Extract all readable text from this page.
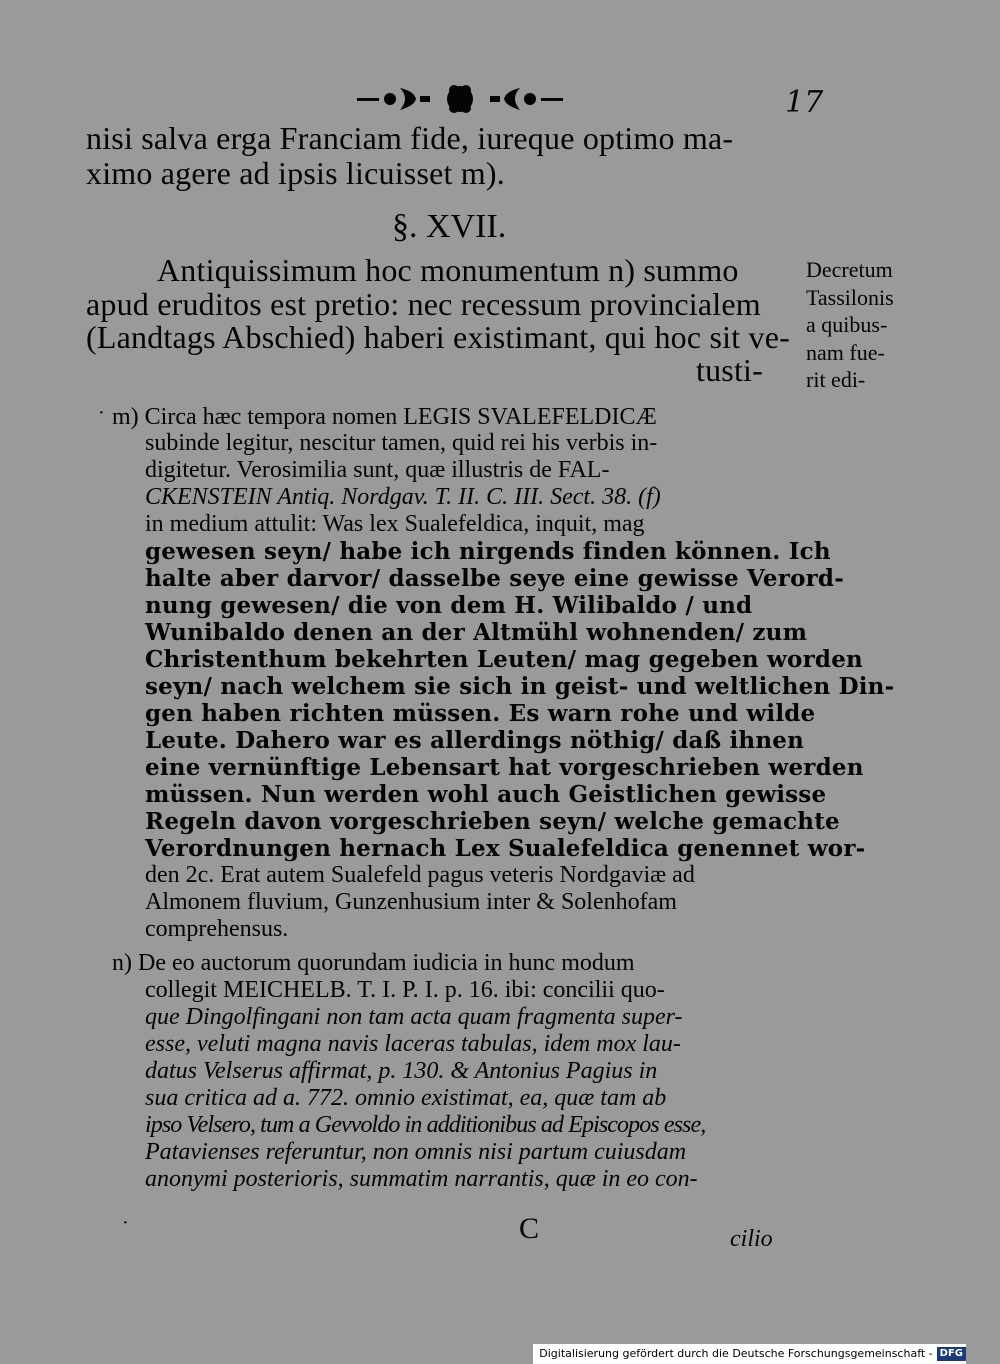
17
nisi salva erga Franciam fide, iureque optimo ma-
ximo agere ad ipsis licuisset m).
§. XVII.
Antiquissimum hoc monumentum n) summo
apud eruditos est pretio: nec recessum provincialem
(Landtags Abschied) haberi existimant, qui hoc sit ve-
tusti-
Decretum
Tassilonis
a quibus-
nam fue-
rit edi-
· m) Circa hæc tempora nomen LEGIS SVALEFELDICÆ
subinde legitur, nescitur tamen, quid rei his verbis in-
digitetur. Verosimilia sunt, quæ illustris de FAL-
CKENSTEIN Antiq. Nordgav. T. II. C. III. Sect. 38. (f)
in medium attulit: Was lex Sualefeldica, inquit, mag
gewesen seyn/ habe ich nirgends finden können. Ich
halte aber darvor/ dasselbe seye eine gewisse Verord-
nung gewesen/ die von dem H. Wilibaldo / und
Wunibaldo denen an der Altmühl wohnenden/ zum
Christenthum bekehrten Leuten/ mag gegeben worden
seyn/ nach welchem sie sich in geist- und weltlichen Din-
gen haben richten müssen. Es warn rohe und wilde
Leute. Dahero war es allerdings nöthig/ daß ihnen
eine vernünftige Lebensart hat vorgeschrieben werden
müssen. Nun werden wohl auch Geistlichen gewisse
Regeln davon vorgeschrieben seyn/ welche gemachte
Verordnungen hernach Lex Sualefeldica genennet wor-
den 2c. Erat autem Sualefeld pagus veteris Nordgaviæ ad
Almonem fluvium, Gunzenhusium inter & Solenhofam
comprehensus.
n) De eo auctorum quorundam iudicia in hunc modum
collegit MEICHELB. T. I. P. I. p. 16. ibi: concilii quo-
que Dingolfingani non tam acta quam fragmenta super-
esse, veluti magna navis laceras tabulas, idem mox lau-
datus Velserus affirmat, p. 130. & Antonius Pagius in
sua critica ad a. 772. omnio existimat, ea, quæ tam ab
ipso Velsero, tum a Gevvoldo in additionibus ad Episcopos esse,
Patavienses referuntur, non omnis nisi partum cuiusdam
anonymi posterioris, summatim narrantis, quæ in eo con-
·	C	cilio
Digitalisierung gefördert durch die Deutsche Forschungsgemeinschaft - DFG
